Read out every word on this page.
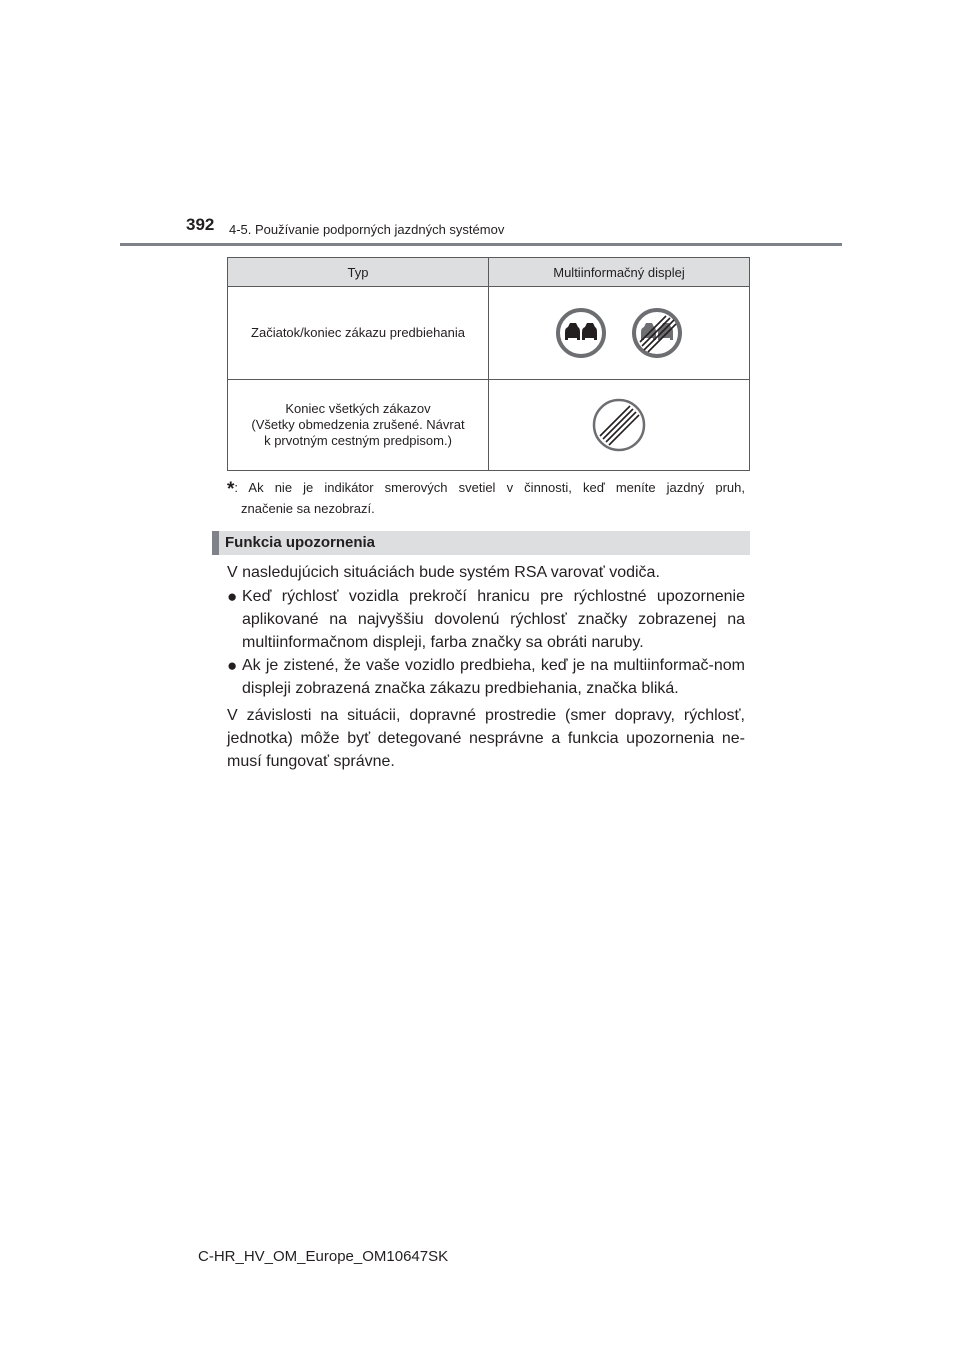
392 4-5. Používanie podporných jazdných systémov
Typ	Multiinformačný displej
Začiatok/koniec zákazu predbiehania	

Koniec všetkých zákazov
(Všetky obmedzenia zrušené. Návrat
k prvotným cestným predpisom.)

*: Ak nie je indikátor smerových svetiel v činnosti, keď meníte jazdný pruh,

značenie sa nezobrazí.

Funkcia upozornenia

V nasledujúcich situáciách bude systém RSA varovať vodiča.

● Keď rýchlosť vozidla prekročí hranicu pre rýchlostné upozornenie aplikované na najvyššiu dovolenú rýchlosť značky zobrazenej na multiinformačnom displeji, farba značky sa obráti naruby.
● Ak je zistené, že vaše vozidlo predbieha, keď je na multiinformač-nom displeji zobrazená značka zákazu predbiehania, značka bliká.

V závislosti na situácii, dopravné prostredie (smer dopravy, rýchlosť, jednotka) môže byť detegované nesprávne a funkcia upozornenia ne-musí fungovať správne.

C-HR_HV_OM_Europe_OM10647SK
